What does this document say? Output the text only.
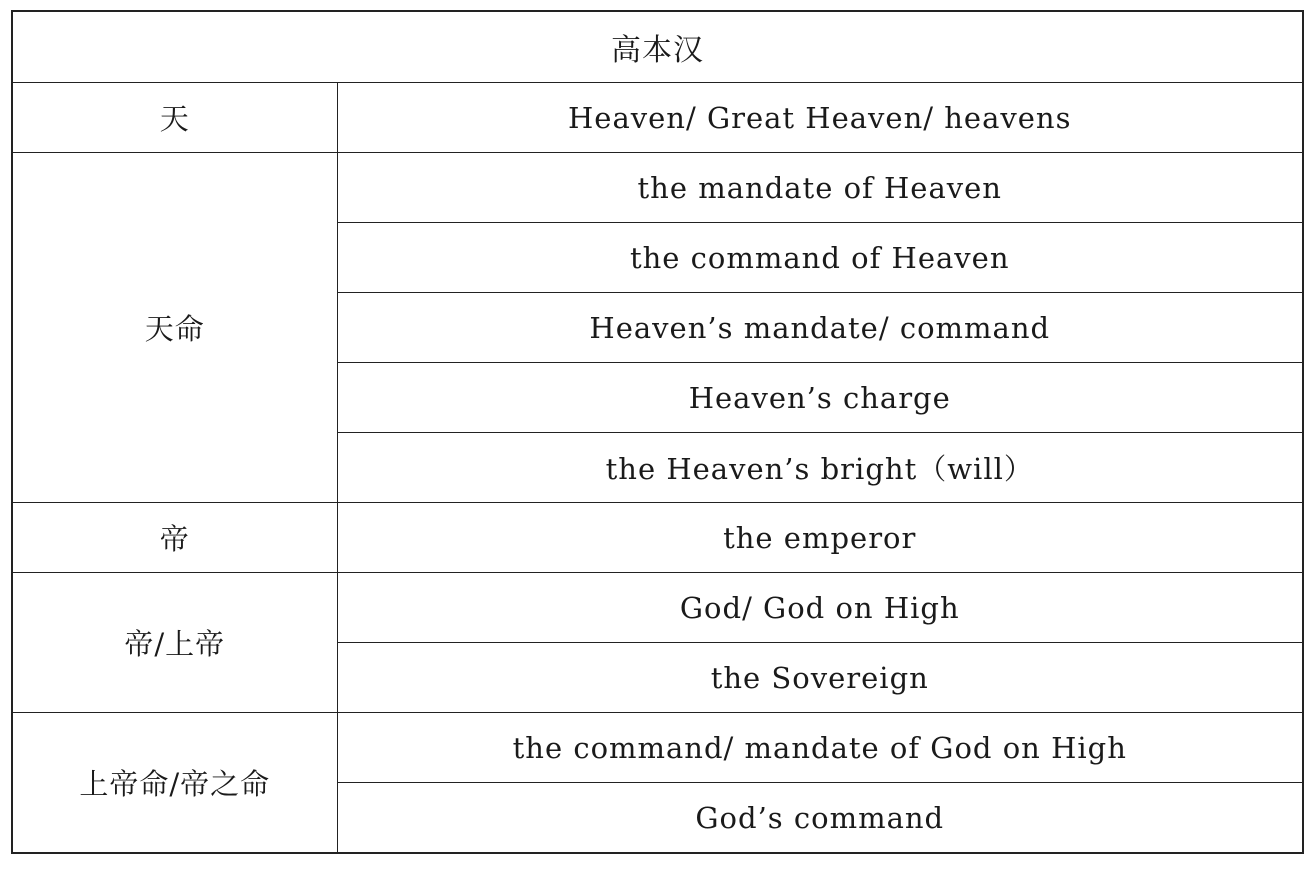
高本汉	
天	Heaven/ Great Heaven/ heavens
天命	the mandate of Heaven
	the command of Heaven
	Heaven’s mandate/ command
	Heaven’s charge
	the Heaven’s bright（will）
帝	the emperor
帝/上帝	God/ God on High
	the Sovereign
上帝命/帝之命	the command/ mandate of God on High
	God’s command
